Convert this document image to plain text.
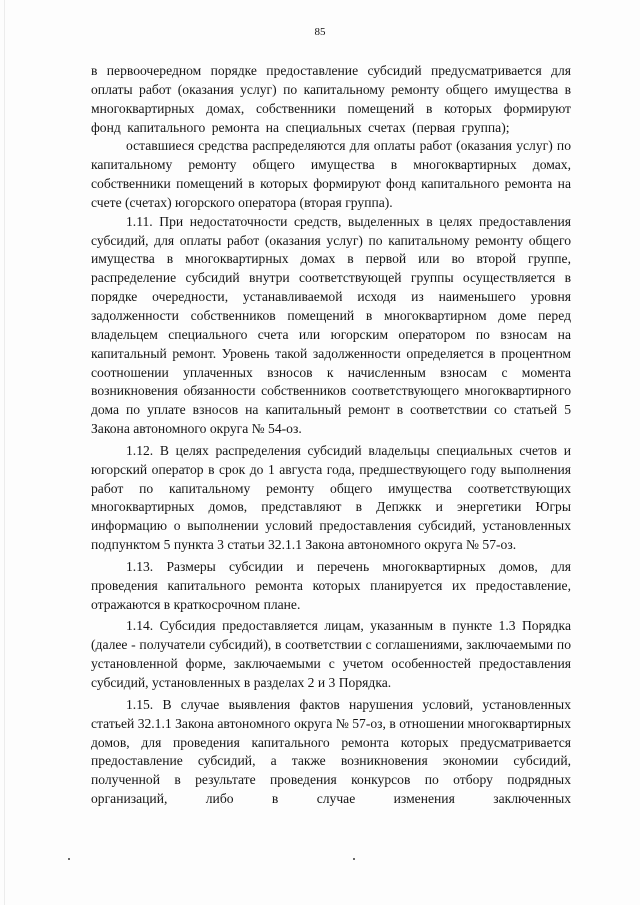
85

в первоочередном порядке предоставление субсидий предусматривается для оплаты работ (оказания услуг) по капитальному ремонту общего имущества в многоквартирных домах, собственники помещений в которых формируют фонд капитального ремонта на специальных счетах (первая группа);

оставшиеся средства распределяются для оплаты работ (оказания услуг) по капитальному ремонту общего имущества в многоквартирных домах, собственники помещений в которых формируют фонд капитального ремонта на счете (счетах) югорского оператора (вторая группа).

1.11. При недостаточности средств, выделенных в целях предоставления субсидий, для оплаты работ (оказания услуг) по капитальному ремонту общего имущества в многоквартирных домах в первой или во второй группе, распределение субсидий внутри соответствующей группы осуществляется в порядке очередности, устанавливаемой исходя из наименьшего уровня задолженности собственников помещений в многоквартирном доме перед владельцем специального счета или югорским оператором по взносам на капитальный ремонт. Уровень такой задолженности определяется в процентном соотношении уплаченных взносов к начисленным взносам с момента возникновения обязанности собственников соответствующего многоквартирного дома по уплате взносов на капитальный ремонт в соответствии со статьей 5 Закона автономного округа № 54-оз.

1.12. В целях распределения субсидий владельцы специальных счетов и югорский оператор в срок до 1 августа года, предшествующего году выполнения работ по капитальному ремонту общего имущества соответствующих многоквартирных домов, представляют в Депжкк и энергетики Югры информацию о выполнении условий предоставления субсидий, установленных подпунктом 5 пункта 3 статьи 32.1.1 Закона автономного округа № 57-оз.

1.13. Размеры субсидии и перечень многоквартирных домов, для проведения капитального ремонта которых планируется их предоставление, отражаются в краткосрочном плане.

1.14. Субсидия предоставляется лицам, указанным в пункте 1.3 Порядка (далее - получатели субсидий), в соответствии с соглашениями, заключаемыми по установленной форме, заключаемыми с учетом особенностей предоставления субсидий, установленных в разделах 2 и 3 Порядка.

1.15. В случае выявления фактов нарушения условий, установленных статьей 32.1.1 Закона автономного округа № 57-оз, в отношении многоквартирных домов, для проведения капитального ремонта которых предусматривается предоставление субсидий, а также возникновения экономии субсидий, полученной в результате проведения конкурсов по отбору подрядных организаций, либо в случае изменения заключенных
